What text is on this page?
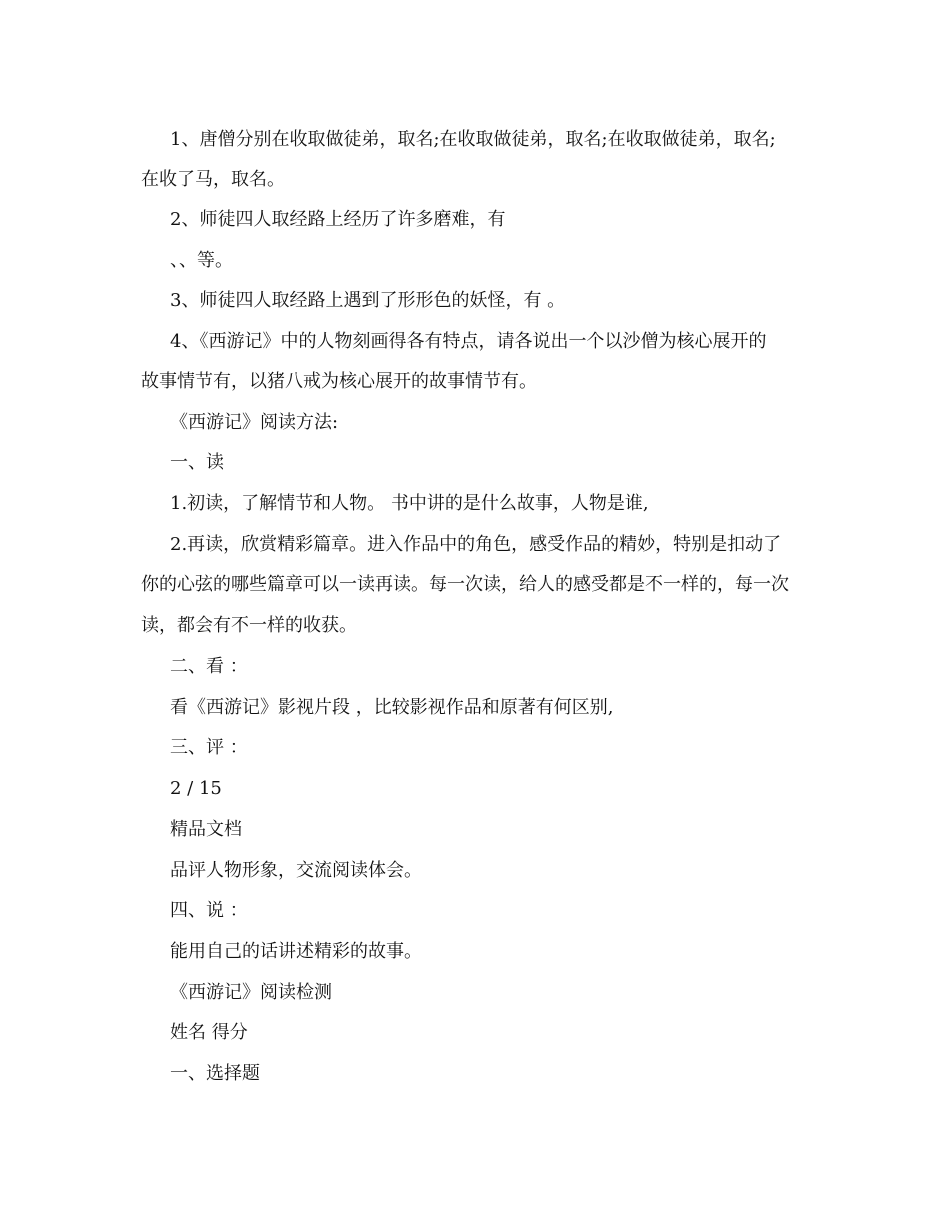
1、唐僧分别在收取做徒弟，取名;在收取做徒弟，取名;在收取做徒弟，取名;
在收了马，取名。
2、师徒四人取经路上经历了许多磨难，有
、、等。
3、师徒四人取经路上遇到了形形色的妖怪，有 。
4、《西游记》中的人物刻画得各有特点，请各说出一个以沙僧为核心展开的
故事情节有，以猪八戒为核心展开的故事情节有。
《西游记》阅读方法:
一、读
1.初读，了解情节和人物。 书中讲的是什么故事，人物是谁,
2.再读，欣赏精彩篇章。进入作品中的角色，感受作品的精妙，特别是扣动了
你的心弦的哪些篇章可以一读再读。每一次读，给人的感受都是不一样的，每一次
读，都会有不一样的收获。
二、看 ：
看《西游记》影视片段 ，比较影视作品和原著有何区别,
三、评 ：
2 / 15
精品文档
品评人物形象，交流阅读体会。
四、说 ：
能用自己的话讲述精彩的故事。
《西游记》阅读检测
姓名 得分
一、选择题
